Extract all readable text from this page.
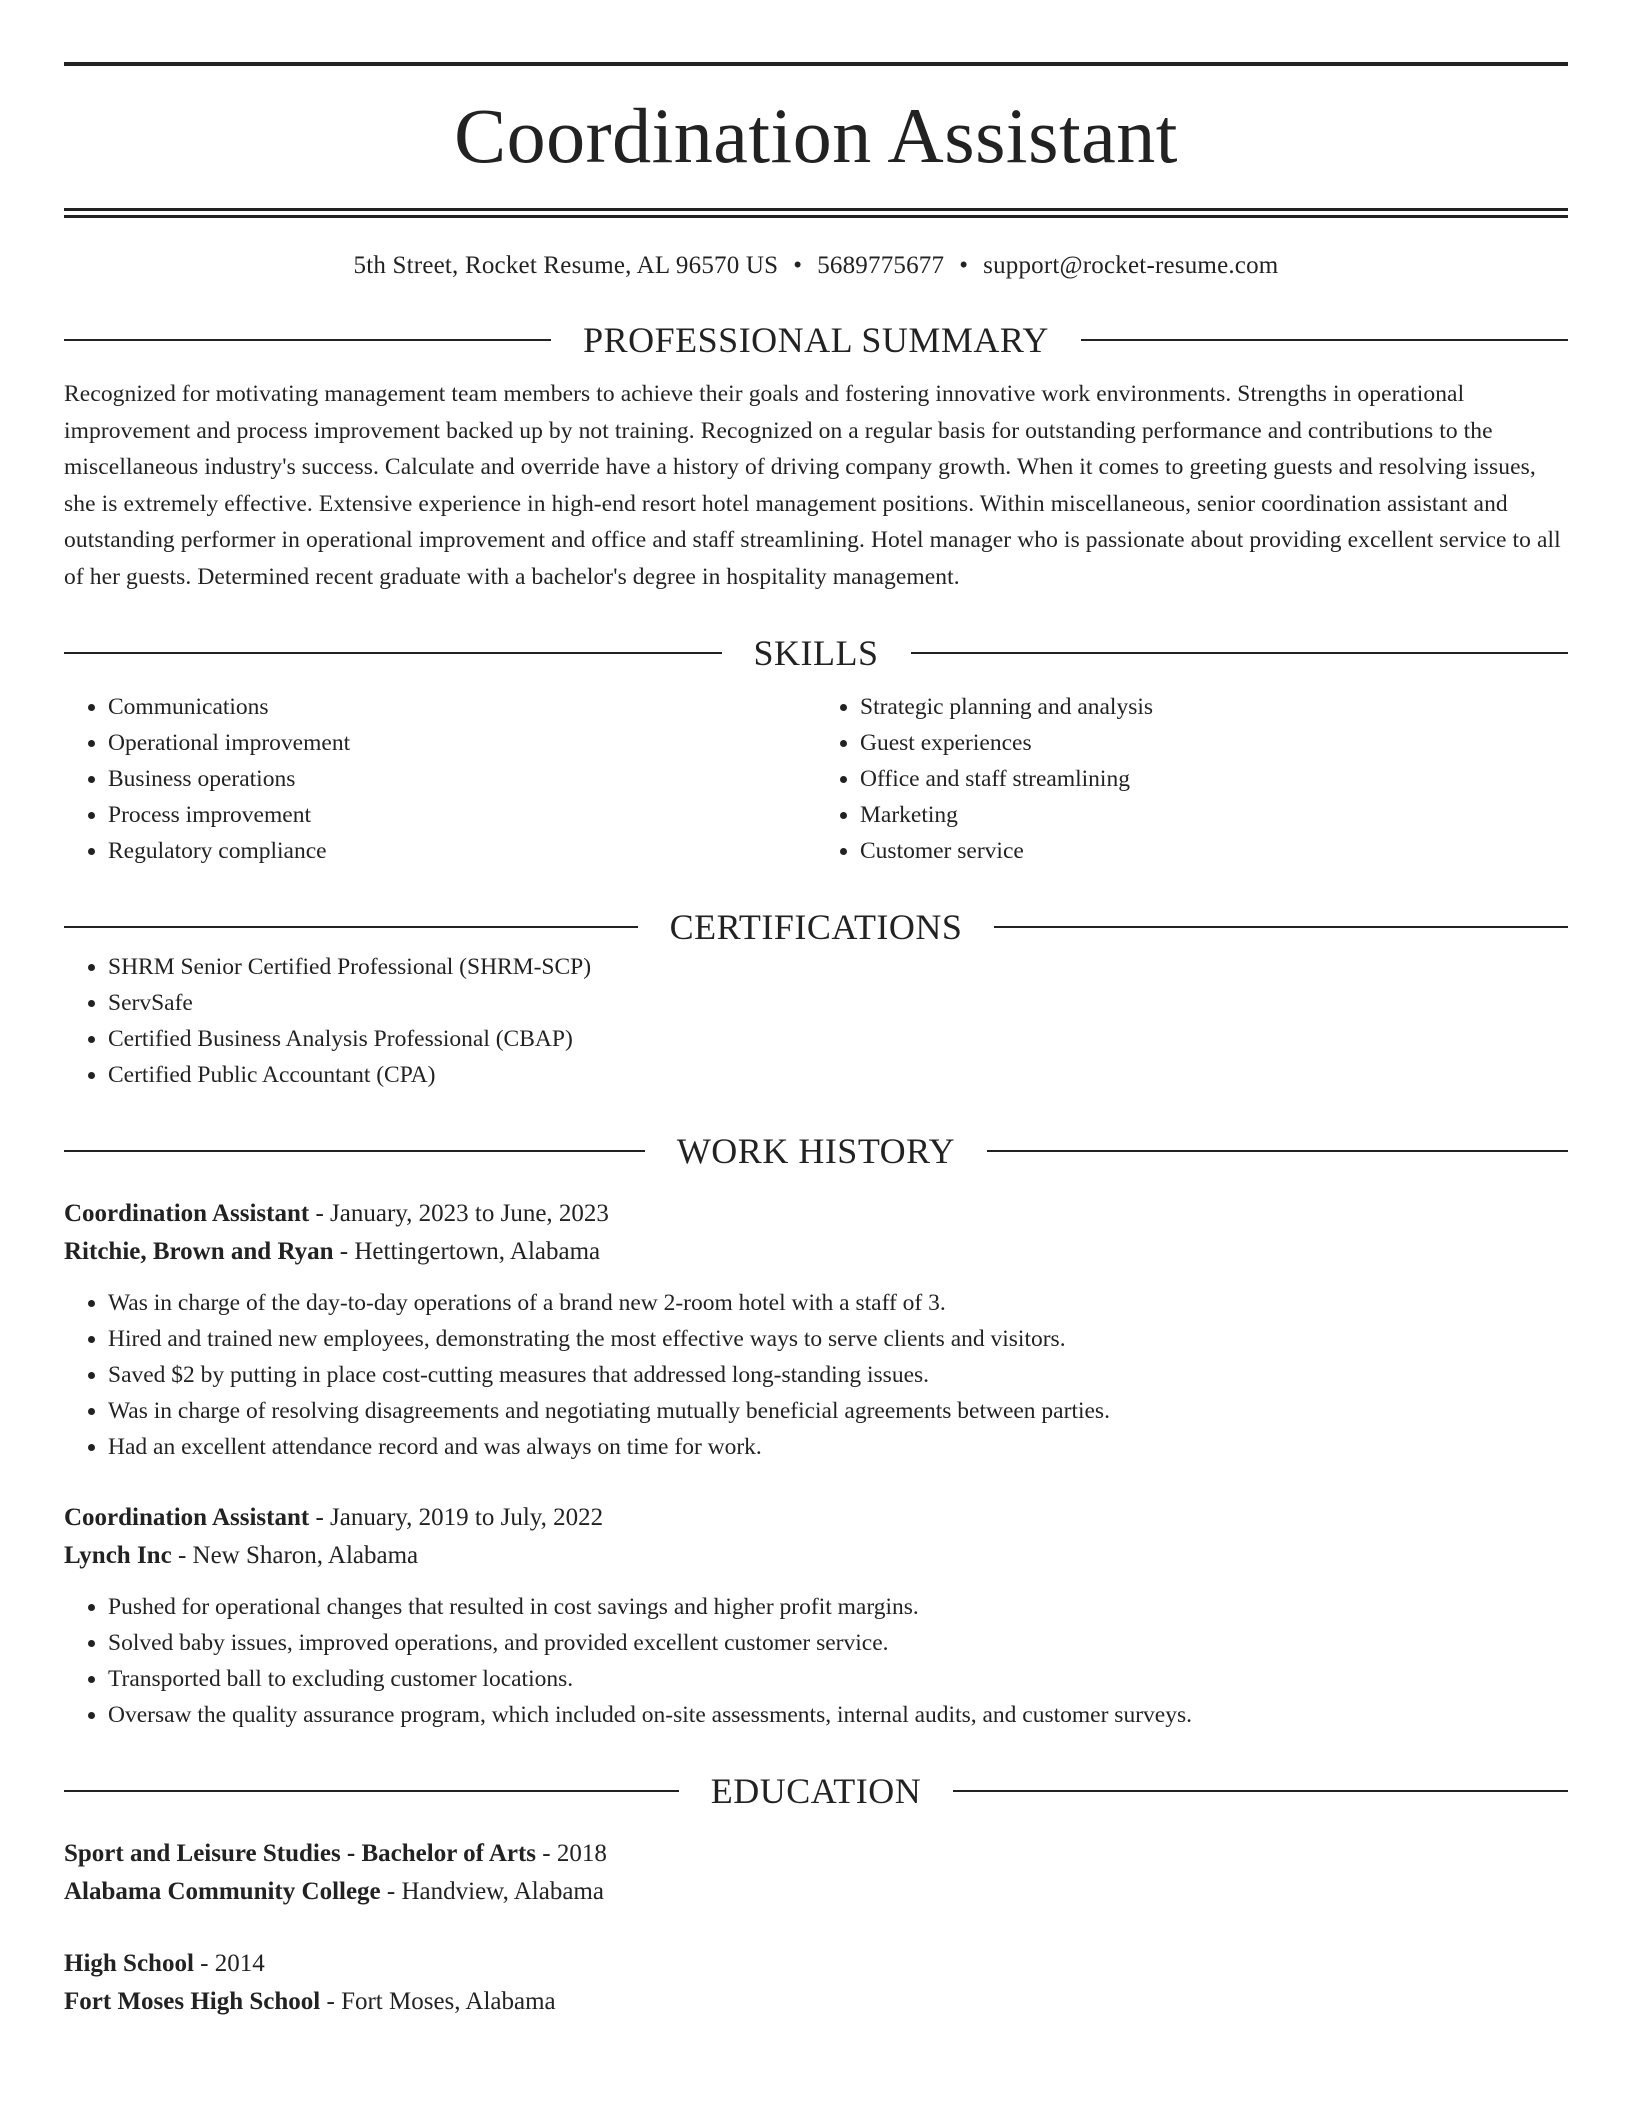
Coordination Assistant
5th Street, Rocket Resume, AL 96570 US • 5689775677 • support@rocket-resume.com
PROFESSIONAL SUMMARY

Recognized for motivating management team members to achieve their goals and fostering innovative work environments. Strengths in operational improvement and process improvement backed up by not training. Recognized on a regular basis for outstanding performance and contributions to the miscellaneous industry's success. Calculate and override have a history of driving company growth. When it comes to greeting guests and resolving issues, she is extremely effective. Extensive experience in high-end resort hotel management positions. Within miscellaneous, senior coordination assistant and outstanding performer in operational improvement and office and staff streamlining. Hotel manager who is passionate about providing excellent service to all of her guests. Determined recent graduate with a bachelor's degree in hospitality management.

SKILLS
• Communications
• Operational improvement
• Business operations
• Process improvement
• Regulatory compliance
• Strategic planning and analysis
• Guest experiences
• Office and staff streamlining
• Marketing
• Customer service
CERTIFICATIONS
• SHRM Senior Certified Professional (SHRM-SCP)
• ServSafe
• Certified Business Analysis Professional (CBAP)
• Certified Public Accountant (CPA)
WORK HISTORY
Coordination Assistant - January, 2023 to June, 2023
Ritchie, Brown and Ryan - Hettingertown, Alabama
• Was in charge of the day-to-day operations of a brand new 2-room hotel with a staff of 3.
• Hired and trained new employees, demonstrating the most effective ways to serve clients and visitors.
• Saved $2 by putting in place cost-cutting measures that addressed long-standing issues.
• Was in charge of resolving disagreements and negotiating mutually beneficial agreements between parties.
• Had an excellent attendance record and was always on time for work.
Coordination Assistant - January, 2019 to July, 2022
Lynch Inc - New Sharon, Alabama
• Pushed for operational changes that resulted in cost savings and higher profit margins.
• Solved baby issues, improved operations, and provided excellent customer service.
• Transported ball to excluding customer locations.
• Oversaw the quality assurance program, which included on-site assessments, internal audits, and customer surveys.
EDUCATION
Sport and Leisure Studies - Bachelor of Arts - 2018
Alabama Community College - Handview, Alabama
High School - 2014
Fort Moses High School - Fort Moses, Alabama
